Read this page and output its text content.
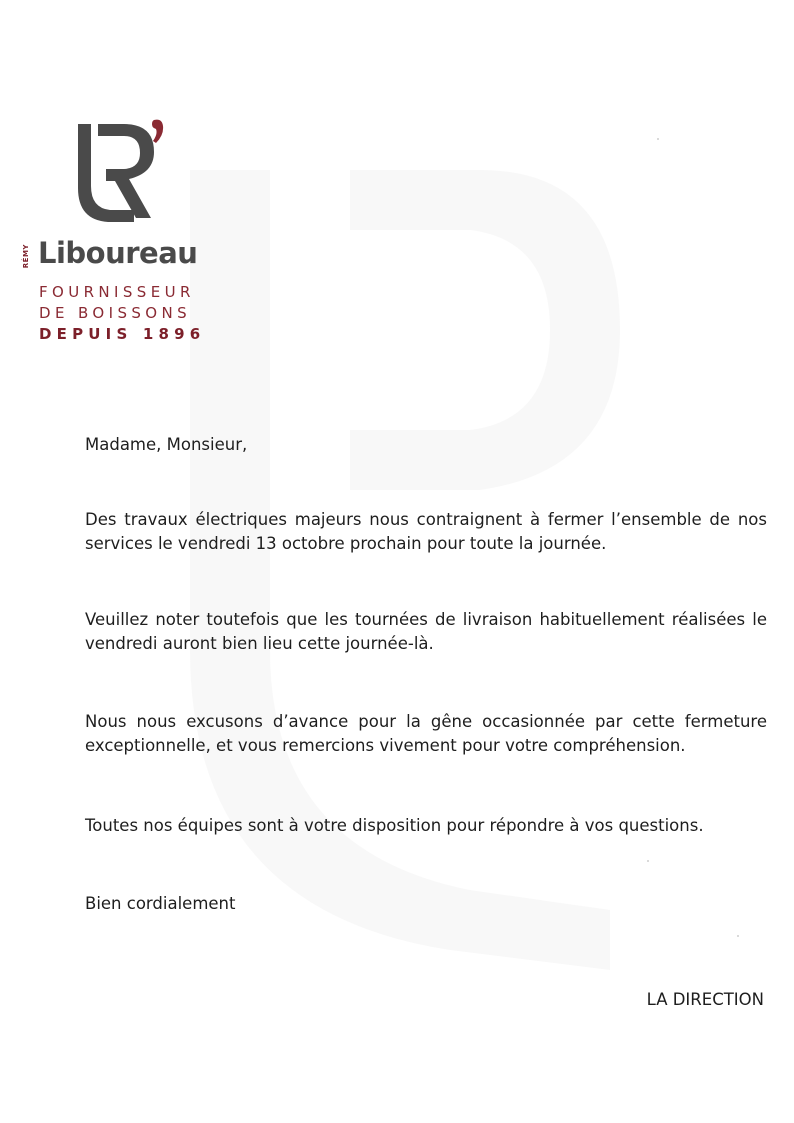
RÉMY Liboureau
FOURNISSEUR
DE BOISSONS
DEPUIS 1896

Madame, Monsieur,

Des travaux électriques majeurs nous contraignent à fermer l’ensemble de nos services le vendredi 13 octobre prochain pour toute la journée.

Veuillez noter toutefois que les tournées de livraison habituellement réalisées le vendredi auront bien lieu cette journée-là.

Nous nous excusons d’avance pour la gêne occasionnée par cette fermeture exceptionnelle, et vous remercions vivement pour votre compréhension.

Toutes nos équipes sont à votre disposition pour répondre à vos questions.

Bien cordialement

LA DIRECTION
